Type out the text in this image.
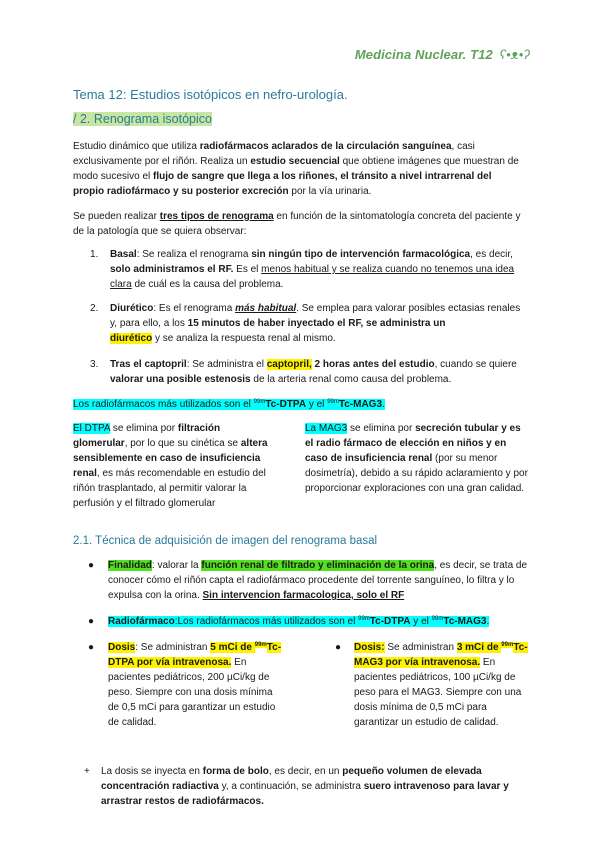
Medicina Nuclear. T12 ʕ•ᴥ•ʔ
Tema 12: Estudios isotópicos en nefro-urología.
/ 2. Renograma isotópico
Estudio dinámico que utiliza radiofármacos aclarados de la circulación sanguínea, casi exclusivamente por el riñón. Realiza un estudio secuencial que obtiene imágenes que muestran de modo sucesivo el flujo de sangre que llega a los riñones, el tránsito a nivel intrarrenal del propio radiofármaco y su posterior excreción por la vía urinaria.
Se pueden realizar tres tipos de renograma en función de la sintomatología concreta del paciente y de la patología que se quiera observar:
1. Basal: Se realiza el renograma sin ningún tipo de intervención farmacológica, es decir, solo administramos el RF. Es el menos habitual y se realiza cuando no tenemos una idea clara de cuál es la causa del problema.
2. Diurético: Es el renograma más habitual. Se emplea para valorar posibles ectasias renales y, para ello, a los 15 minutos de haber inyectado el RF, se administra un
diurético y se analiza la respuesta renal al mismo.
3. Tras el captopril: Se administra el captopril, 2 horas antes del estudio, cuando se quiere valorar una posible estenosis de la arteria renal como causa del problema.
Los radiofármacos más utilizados son el $^{99m}$Tc-DTPA y el $^{99m}$Tc-MAG3.
El DTPA se elimina por filtración glomerular, por lo que su cinética se altera sensiblemente en caso de insuficiencia renal, es más recomendable en estudio del riñón trasplantado, al permitir valorar la perfusión y el filtrado glomerular
La MAG3 se elimina por secreción tubular y es el radio fármaco de elección en niños y en caso de insuficiencia renal (por su menor dosimetría), debido a su rápido aclaramiento y por proporcionar exploraciones con una gran calidad.
2.1. Técnica de adquisición de imagen del renograma basal
● Finalidad: valorar la función renal de filtrado y eliminación de la orina, es decir, se trata de conocer cómo el riñón capta el radiofármaco procedente del torrente sanguíneo, lo filtra y lo expulsa con la orina. Sin intervencion farmacologica, solo el RF
● Radiofármaco:Los radiofármacos más utilizados son el $^{99m}$Tc-DTPA y el $^{99m}$Tc-MAG3.
● Dosis: Se administran 5 mCi de $^{99m}$Tc-DTPA por vía intravenosa. En pacientes pediátricos, 200 µCi/kg de peso. Siempre con una dosis mínima de 0,5 mCi para garantizar un estudio de calidad.
● Dosis: Se administran 3 mCi de $^{99m}$Tc-MAG3 por vía intravenosa. En pacientes pediátricos, 100 µCi/kg de peso para el MAG3. Siempre con una dosis mínima de 0,5 mCi para garantizar un estudio de calidad.
+ La dosis se inyecta en forma de bolo, es decir, en un pequeño volumen de elevada concentración radiactiva y, a continuación, se administra suero intravenoso para lavar y arrastrar restos de radiofármacos.
